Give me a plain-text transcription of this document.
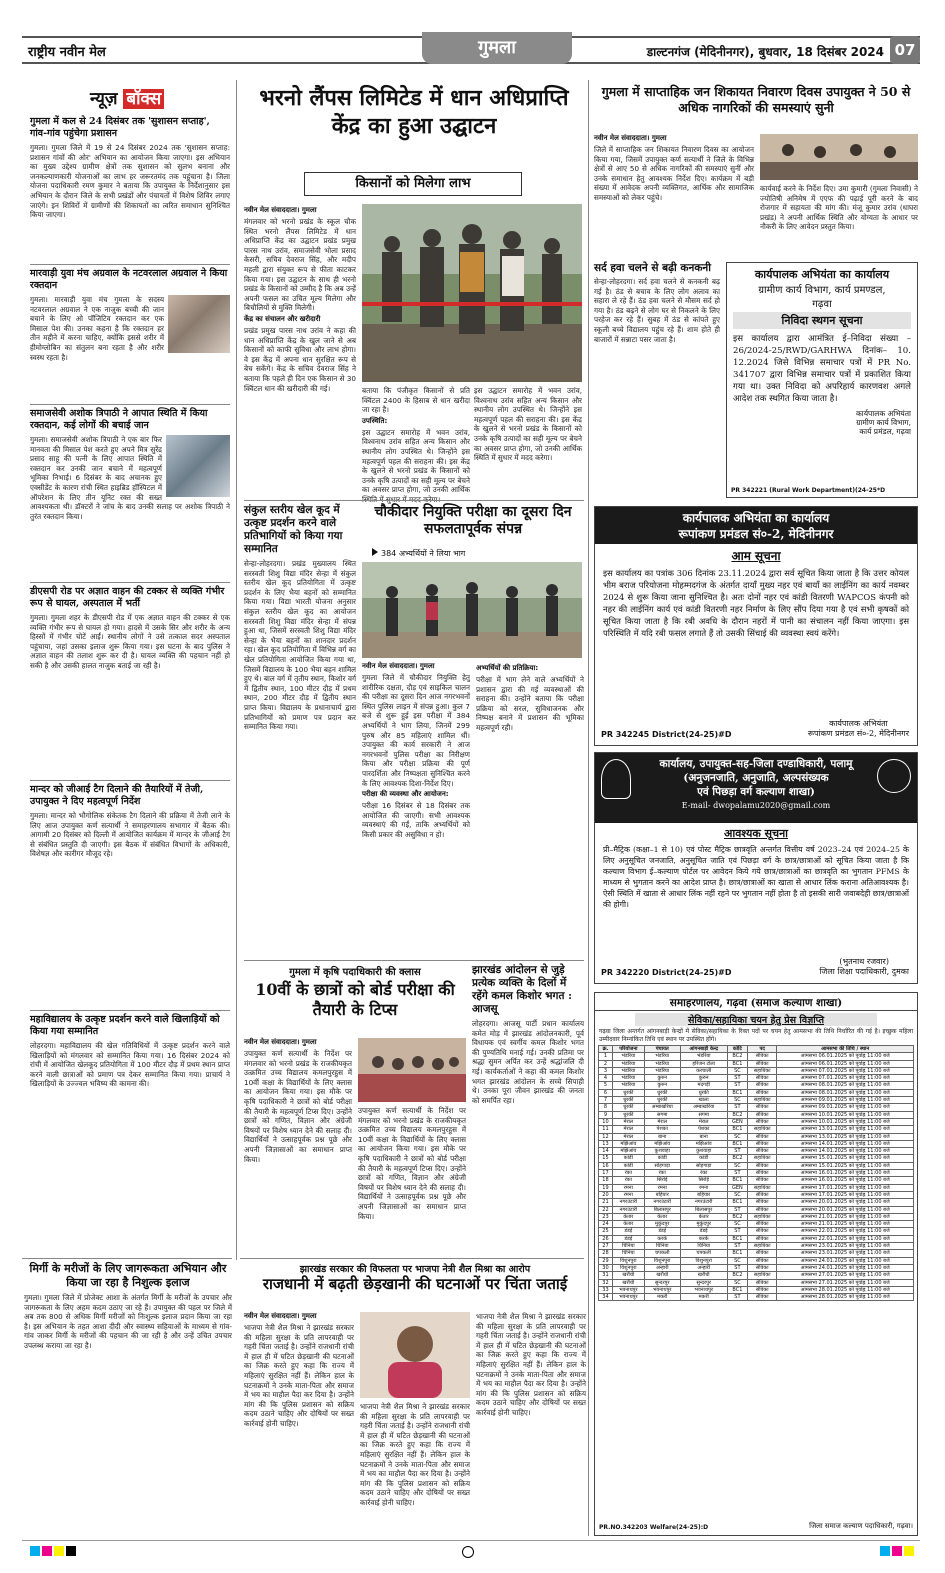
राष्ट्रीय नवीन मेल	गुमला	डाल्टनगंज (मेदिनीनगर), बुधवार, 18 दिसंबर 2024 07
न्यूज़ बॉक्स
गुमला में कल से 24 दिसंबर तक 'सुशासन सप्ताह', गांव-गांव पहुंचेगा प्रशासन
गुमला। गुमला जिले में 19 से 24 दिसंबर 2024 तक 'सुशासन सप्ताह: प्रशासन गांवों की ओर' अभियान का आयोजन किया जाएगा। इस अभियान का मुख्य उद्देश्य ग्रामीण क्षेत्रों तक सुशासन को सुलभ बनाना और जनकल्याणकारी योजनाओं का लाभ हर जरूरतमंद तक पहुंचाना है। जिला योजना पदाधिकारी रमण कुमार ने बताया कि उपायुक्त के निर्देशानुसार इस अभियान के दौरान जिले के सभी प्रखंडों और पंचायतों में विशेष शिविर लगाए जाएंगे। इन शिविरों में ग्रामीणों की शिकायतों का त्वरित समाधान सुनिश्चित किया जाएगा।
मारवाड़ी युवा मंच अग्रवाल के नटवरलाल अग्रवाल ने किया रक्तदान
गुमला। मारवाड़ी युवा मंच गुमला के सदस्य नटवरलाल अग्रवाल ने एक नाजुक बच्ची की जान बचाने के लिए ओ पॉजिटिव रक्तदान कर एक मिसाल पेश की। उनका कहना है कि रक्तदान हर तीन महीने में करना चाहिए, क्योंकि इससे शरीर में हीमोग्लोबिन का संतुलन बना रहता है और शरीर स्वस्थ रहता है।
समाजसेवी अशोक त्रिपाठी ने आपात स्थिति में किया रक्तदान, कई लोगों की बचाई जान
गुमला। समाजसेवी अशोक त्रिपाठी ने एक बार फिर मानवता की मिसाल पेश करते हुए अपने मित्र सुरेंद्र प्रसाद साहू की पत्नी के लिए आपात स्थिति में रक्तदान कर उनकी जान बचाने में महत्वपूर्ण भूमिका निभाई। 6 दिसंबर के बाद अचानक हुए एक्सीडेंट के कारण रांची स्थित हाइब्रिड हॉस्पिटल में ऑपरेशन के लिए तीन यूनिट रक्त की सख्त आवश्यकता थी। डॉक्टरों ने जांच के बाद उनकी सलाह पर अशोक त्रिपाठी ने तुरंत रक्तदान किया।
डीएसपी रोड पर अज्ञात वाहन की टक्कर से व्यक्ति गंभीर रूप से घायल, अस्पताल में भर्ती
गुमला। गुमला शहर के डीएसपी रोड में एक अज्ञात वाहन की टक्कर से एक व्यक्ति गंभीर रूप से घायल हो गया। हादसे में उसके सिर और शरीर के अन्य हिस्सों में गंभीर चोटें आईं। स्थानीय लोगों ने उसे तत्काल सदर अस्पताल पहुंचाया, जहां उसका इलाज शुरू किया गया। इस घटना के बाद पुलिस ने अज्ञात वाहन की तलाश शुरू कर दी है। घायल व्यक्ति की पहचान नहीं हो सकी है और उसकी हालत नाजुक बताई जा रही है।
मान्दर को जीआई टैग दिलाने की तैयारियों में तेजी, उपायुक्त ने दिए महत्वपूर्ण निर्देश
गुमला। मान्दर को भौगोलिक संकेतक टैग दिलाने की प्रक्रिया में तेजी लाने के लिए आज उपायुक्त कर्ण सत्यार्थी ने समाहरणालय सभागार में बैठक की। आगामी 20 दिसंबर को दिल्ली में आयोजित कार्यक्रम में मान्दर के जीआई टैग से संबंधित प्रस्तुति दी जाएगी। इस बैठक में संबंधित विभागों के अधिकारी, विशेषज्ञ और कारीगर मौजूद रहे।
महाविद्यालय के उत्कृष्ट प्रदर्शन करने वाले खिलाड़ियों को किया गया सम्मानित
लोहरदगा। महाविद्यालय की खेल गतिविधियों में उत्कृष्ट प्रदर्शन करने वाले खिलाड़ियों को मंगलवार को सम्मानित किया गया। 16 दिसंबर 2024 को रांची में आयोजित खेलकूद प्रतियोगिता में 100 मीटर दौड़ में प्रथम स्थान प्राप्त करने वाली छात्राओं को प्रमाण पत्र देकर सम्मानित किया गया। प्राचार्य ने खिलाड़ियों के उज्ज्वल भविष्य की कामना की।
मिर्गी के मरीजों के लिए जागरूकता अभियान और किया जा रहा है निशुल्क इलाज
गुमला। गुमला जिले में प्रोजेक्ट आशा के अंतर्गत मिर्गी के मरीजों के उपचार और जागरूकता के लिए अहम कदम उठाए जा रहे हैं। उपायुक्त की पहल पर जिले में अब तक 800 से अधिक मिर्गी मरीजों को निःशुल्क इलाज प्रदान किया जा रहा है। इस अभियान के तहत आशा दीदी और स्वास्थ्य सहियाओं के माध्यम से गांव-गांव जाकर मिर्गी के मरीजों की पहचान की जा रही है और उन्हें उचित उपचार उपलब्ध कराया जा रहा है।
भरनो लैंपस लिमिटेड में धान अधिप्राप्ति केंद्र का हुआ उद्घाटन
किसानों को मिलेगा लाभ
नवीन मेल संवाददाता। गुमला
मंगलवार को भरनो प्रखंड के स्कूल चौक स्थित भरनो लैंपस लिमिटेड में धान अधिप्राप्ति केंद्र का उद्घाटन प्रखंड प्रमुख पारस नाथ उरांव, समाजसेवी भोला प्रसाद केसरी, सचिव देवराज सिंह, और मदीप महली द्वारा संयुक्त रूप से फीता काटकर किया गया। इस उद्घाटन के साथ ही भरनो प्रखंड के किसानों को उम्मीद है कि अब उन्हें अपनी फसल का उचित मूल्य मिलेगा और बिचौलियों से मुक्ति मिलेगी।
केंद्र का संचालन और खरीदारी
प्रखंड प्रमुख पारस नाथ उरांव ने कहा की धान अधिप्राप्ति केंद्र के खुल जाने से अब किसानों को काफी सुविधा और लाभ होगा। वे इस केंद्र में अपना धान सुरक्षित रूप से बेच सकेंगे। केंद्र के सचिव देवराज सिंह ने बताया कि पहले ही दिन एक किसान से 30 क्विंटल धान की खरीदारी की गई।	बताया कि पंजीकृत किसानों से प्रति क्विंटल 2400 के हिसाब से धान खरीदा जा रहा है।
उपस्थिति:
इस उद्घाटन समारोह में भवन उरांव, विश्वनाथ उरांव सहित अन्य किसान और स्थानीय लोग उपस्थित थे। जिन्होंने इस महत्वपूर्ण पहल की सराहना की। इस केंद्र के खुलने से भरनो प्रखंड के किसानों को उनके कृषि उत्पादों का सही मूल्य पर बेचने का अवसर प्राप्त होगा, जो उनकी आर्थिक
इस उद्घाटन समारोह में भवन उरांव, विश्वनाथ उरांव सहित अन्य किसान और स्थानीय लोग उपस्थित थे। जिन्होंने इस महत्वपूर्ण पहल की सराहना की। इस केंद्र के खुलने से भरनो प्रखंड के किसानों को उनके कृषि उत्पादों का सही मूल्य पर बेचने का अवसर प्राप्त होगा, जो उनकी आर्थिक स्थिति में सुधार में मदद करेगा।
संकुल स्तरीय खेल कूद में उत्कृष्ट प्रदर्शन करने वाले प्रतिभागियों को किया गया सम्मानित
सेन्हा-लोहरदगा। प्रखंड मुख्यालय स्थित सरस्वती शिशु विद्या मंदिर सेन्हा में संकुल स्तरीय खेल कूद प्रतियोगिता में उत्कृष्ट प्रदर्शन के लिए भैया बहनों को सम्मानित किया गया। विद्या भारती योजना अनुसार संकुल स्तरीय खेल कूद का आयोजन सरस्वती शिशु विद्या मंदिर सेन्हा में संपन्न हुआ था, जिसमें सरस्वती शिशु विद्या मंदिर सेन्हा के भैया बहनों का शानदार प्रदर्शन रहा। खेल कूद प्रतियोगिता में विभिन्न वर्ग का खेल प्रतियोगिता आयोजित किया गया था, जिसमें विद्यालय के 100 भैया बहन शामिल हुए थे। बाल वर्ग में तृतीय स्थान, किशोर वर्ग में द्वितीय स्थान, 100 मीटर दौड़ में प्रथम स्थान, 200 मीटर दौड़ में द्वितीय स्थान प्राप्त किया। विद्यालय के प्रधानाचार्य द्वारा प्रतिभागियों को प्रमाण पत्र प्रदान कर सम्मानित किया गया।
चौकीदार नियुक्ति परीक्षा का दूसरा दिन सफलतापूर्वक संपन्न
384 अभ्यर्थियों ने लिया भाग
नवीन मेल संवाददाता। गुमला
गुमला जिले में चौकीदार नियुक्ति हेतु शारीरिक दक्षता, दौड़ एवं साइकिल चालन की परीक्षा का दूसरा दिन आज नगरभवनों स्थित पुलिस लाइन में संपन्न हुआ। कुल 7 बजे से शुरू हुई इस परीक्षा में 384 अभ्यर्थियों ने भाग लिया, जिनमें 299 पुरुष और 85 महिलाएं शामिल थीं। उपायुक्त की कार्य सरकारी ने आज नगरभवनों पुलिस परीक्षा का निरीक्षण किया और परीक्षा प्रक्रिया की पूर्ण पारदर्शिता और निष्पक्षता सुनिश्चित करने के लिए आवश्यक दिशा-निर्देश दिए।
परीक्षा की व्यवस्था और आयोजन:
परीक्षा 16 दिसंबर से 18 दिसंबर तक आयोजित की जाएगी। सभी आवश्यक व्यवस्थाएं की गईं, ताकि अभ्यर्थियों को किसी प्रकार की असुविधा न हो।
अभ्यर्थियों की प्रतिक्रिया:
परीक्षा में भाग लेने वाले अभ्यर्थियों ने प्रशासन द्वारा की गई व्यवस्थाओं की सराहना की। उन्होंने बताया कि परीक्षा प्रक्रिया को सरल, सुविधाजनक और निष्पक्ष बनाने में प्रशासन की भूमिका महत्वपूर्ण रही।
गुमला में कृषि पदाधिकारी की क्लास
10वीं के छात्रों को बोर्ड परीक्षा की तैयारी के टिप्स
नवीन मेल संवाददाता। गुमला
उपायुक्त कर्ण सत्यार्थी के निर्देश पर मंगलवार को भरनो प्रखंड के राजकीयकृत उत्क्रमित उच्च विद्यालय कमलपुरहुस में 10वीं कक्षा के विद्यार्थियों के लिए क्लास का आयोजन किया गया। इस मौके पर कृषि पदाधिकारी ने छात्रों को बोर्ड परीक्षा की तैयारी के महत्वपूर्ण टिप्स दिए। उन्होंने छात्रों को गणित, विज्ञान और अंग्रेजी विषयों पर विशेष ध्यान देने की सलाह दी। विद्यार्थियों ने उत्साहपूर्वक प्रश्न पूछे और अपनी जिज्ञासाओं का समाधान प्राप्त किया।
उपायुक्त कर्ण सत्यार्थी के निर्देश पर मंगलवार को भरनो प्रखंड के राजकीयकृत उत्क्रमित उच्च विद्यालय कमलपुरहुस में 10वीं कक्षा के विद्यार्थियों के लिए क्लास का आयोजन किया गया। इस मौके पर कृषि पदाधिकारी ने छात्रों को बोर्ड परीक्षा की तैयारी के महत्वपूर्ण टिप्स दिए। उन्होंने छात्रों को गणित, विज्ञान और अंग्रेजी विषयों पर विशेष ध्यान देने की सलाह दी। विद्यार्थियों ने उत्साहपूर्वक प्रश्न पूछे और अपनी जिज्ञासाओं का समाधान प्राप्त किया।
झारखंड आंदोलन से जुड़े प्रत्येक व्यक्ति के दिलों में रहेंगे कमल किशोर भगत : आजसू
लोहरदगा। आजसू पार्टी प्रधान कार्यालय कमेत मोड़ में झारखंड आंदोलनकारी, पूर्व विधायक एवं स्वर्गीय कमल किशोर भगत की पुण्यतिथि मनाई गई। उनकी प्रतिमा पर श्रद्धा सुमन अर्पित कर उन्हें श्रद्धांजलि दी गई। कार्यकर्ताओं ने कहा की कमल किशोर भगत झारखंड आंदोलन के सच्चे सिपाही थे। उनका पूरा जीवन झारखंड की जनता को समर्पित रहा।
झारखंड सरकार की विफलता पर भाजपा नेत्री शैल मिश्रा का आरोप
राजधानी में बढ़ती छेड़खानी की घटनाओं पर चिंता जताई
नवीन मेल संवाददाता। गुमला
भाजपा नेत्री शैल मिश्रा ने झारखंड सरकार की महिला सुरक्षा के प्रति लापरवाही पर गहरी चिंता जताई है। उन्होंने राजधानी रांची में हाल ही में घटित छेड़खानी की घटनाओं का जिक्र करते हुए कहा कि राज्य में महिलाएं सुरक्षित नहीं हैं। लेकिन हाल के घटनाक्रमों ने उनके माता-पिता और समाज में भय का माहौल पैदा कर दिया है। उन्होंने मांग की कि पुलिस प्रशासन को सक्रिय कदम उठाने चाहिए और दोषियों पर सख्त कार्रवाई होनी चाहिए।
भाजपा नेत्री शैल मिश्रा ने झारखंड सरकार की महिला सुरक्षा के प्रति लापरवाही पर गहरी चिंता जताई है। उन्होंने राजधानी रांची में हाल ही में घटित छेड़खानी की घटनाओं का जिक्र करते हुए कहा कि राज्य में महिलाएं सुरक्षित नहीं हैं। लेकिन हाल के घटनाक्रमों ने उनके माता-पिता और समाज में भय का माहौल पैदा कर दिया है। उन्होंने मांग की कि पुलिस प्रशासन को सक्रिय कदम उठाने चाहिए और दोषियों पर सख्त कार्रवाई होनी चाहिए।
भाजपा नेत्री शैल मिश्रा ने झारखंड सरकार की महिला सुरक्षा के प्रति लापरवाही पर गहरी चिंता जताई है। उन्होंने राजधानी रांची में हाल ही में घटित छेड़खानी की घटनाओं का जिक्र करते हुए कहा कि राज्य में महिलाएं सुरक्षित नहीं हैं। लेकिन हाल के घटनाक्रमों ने उनके माता-पिता और समाज में भय का माहौल पैदा कर दिया है। उन्होंने मांग की कि पुलिस प्रशासन को सक्रिय कदम उठाने चाहिए और दोषियों पर सख्त कार्रवाई होनी चाहिए।
गुमला में साप्ताहिक जन शिकायत निवारण दिवस उपायुक्त ने 50 से अधिक नागरिकों की समस्याएं सुनी
नवीन मेल संवाददाता। गुमला
जिले में साप्ताहिक जन शिकायत निवारण दिवस का आयोजन किया गया, जिसमें उपायुक्त कर्ण सत्यार्थी ने जिले के विभिन्न क्षेत्रों से आए 50 से अधिक नागरिकों की समस्याएं सुनीं और उनके समाधान हेतु आवश्यक निर्देश दिए। कार्यक्रम में बड़ी संख्या में आवेदक अपनी व्यक्तिगत, आर्थिक और सामाजिक समस्याओं को लेकर पहुंचे।
कार्यवाई करने के निर्देश दिए। उमा कुमारी (गुमला निवासी) ने ज्योतिषी अनिमेष में एएफ की पढ़ाई पूरी करने के बाद रोजगार में सहायता की मांग की। मंजू कुमार उरांव (धाघरा प्रखंड) ने अपनी आर्थिक स्थिति और योग्यता के आधार पर नौकरी के लिए आवेदन प्रस्तुत किया।
सर्द हवा चलने से बढ़ी कनकनी
सेन्हा-लोहरदगा। सर्द हवा चलने से कनकनी बढ़ गई है। ठंड से बचाव के लिए लोग अलाव का सहारा ले रहे हैं। ठंड हवा चलने से मौसम सर्द हो गया है। ठंड बढ़ने से लोग घर से निकलने के लिए परहेज कर रहे हैं। सुबह में ठंड से कांपते हुए स्कूली बच्चे विद्यालय पहुंच रहे हैं। शाम होते ही बाजारों में सन्नाटा पसर जाता है।
कार्यपालक अभियंता का कार्यालय
ग्रामीण कार्य विभाग, कार्य प्रमण्डल,
गढ़वा
निविदा स्थगन सूचना
इस कार्यालय द्वारा आमंत्रित ई–निविदा संख्या – 26/2024-25/RWD/GARHWA दिनांक– 10. 12.2024 जिसे विभिन्न समाचार पत्रों में PR No. 341707 द्वारा विभिन्न समाचार पत्रों में प्रकाशित किया गया था। उक्त निविदा को अपरिहार्य कारणवश अगले आदेश तक स्थगित किया जाता है।
कार्यपालक अभियंता
ग्रामीण कार्य विभाग,
कार्य प्रमंडल, गढ़वा
PR 342221 (Rural Work Department)(24-25*D
कार्यपालक अभियंता का कार्यालय
रूपांकण प्रमंडल सं०-2, मेदिनीनगर
आम सूचना
इस कार्यालय का पत्रांक 306 दिनांक 23.11.2024 द्वारा सर्व सूचित किया जाता है कि उत्तर कोयल भीम बराज परियोजना मोहम्मदगंज के अंतर्गत दायाँ मुख्य नहर एवं बायाँ का लाईनिंग का कार्य नवम्बर 2024 से शुरू किया जाना सुनिश्चित है। अतः दोनों नहर एवं कांडी वितरणी WAPCOS कंपनी को नहर की लाईनिंग कार्य एवं कांडी वितरणी नहर निर्माण के लिए सौंप दिया गया है एवं सभी कृषकों को सूचित किया जाता है कि रबी अवधि के दौरान नहरों में पानी का संचालन नहीं किया जाएगा। इस परिस्थिति में यदि रबी फसल लगाते हैं तो उसकी सिंचाई की व्यवस्था स्वयं करेंगे।
कार्यपालक अभियंता
रूपांकण प्रमंडल सं०-2, मेदिनीनगर
PR 342245 District(24-25)#D
कार्यालय, उपायुक्त-सह-जिला दण्डाधिकारी, पलामू
(अनुजनजाति, अनुजाति, अल्पसंख्यक
एवं पिछड़ा वर्ग कल्याण शाखा)
E-mail- dwopalamu2020@gmail.com
आवश्यक सूचना
प्री–मैट्रिक (कक्षा–1 से 10) एवं पोस्ट मैट्रिक छात्रवृति अन्तर्गत वित्तीय वर्ष 2023–24 एवं 2024–25 के लिए अनुसूचित जनजाति, अनुसूचित जाति एवं पिछड़ा वर्ग के छात्र/छात्राओं को सूचित किया जाता है कि कल्याण विभाग ई–कल्याण पोर्टल पर आवेदन किये गये छात्र/छात्राओं का छात्रवृति का भुगतान PFMS के माध्यम से भुगतान करने का आदेश प्राप्त है। छात्र/छात्राओं का खाता से आधार लिंक कराना अतिआवश्यक है। ऐसी स्थिति में खाता से आधार लिंक नहीं रहने पर भुगतान नहीं होता है तो इसकी सारी जवाबदेही छात्र/छात्राओं की होगी।
(भुतनाथ रजवार)
जिला शिक्षा पदाधिकारी, दुमका
PR 342220 District(24-25)#D
समाहरणालय, गढ़वा (समाज कल्याण शाखा)
सेविका/सहायिका चयन हेतु प्रेस विज्ञप्ति
गढ़वा जिला अन्तर्गत आंगनबाड़ी केन्द्रों में सेविका/सहायिका के रिक्त पदों पर चयन हेतु आमसभा की तिथि निर्धारित की गई है। इच्छुक महिला उम्मीदवार निम्नांकित तिथि एवं स्थान पर उपस्थित होंगे।
क्र.	परियोजना	पंचायत	आंगनबाड़ी केन्द्र	कोटि	पद	आमसभा की तिथि / स्थान
1	भंडरिया	भंडरिया	भंडरिया	BC2	सेविका	आमसभा 06.01.2025 को पूर्वाह्न 11:00 बजे
2	भंडरिया	भंडरिया	हरिजन टोला	BC1	सेविका	आमसभा 06.01.2025 को पूर्वाह्न 11:00 बजे
3	भंडरिया	भंडरिया	करचाली	SC	सहायिका	आमसभा 07.01.2025 को पूर्वाह्न 11:00 बजे
4	भंडरिया	कुरुन	कुरुन	ST	सेविका	आमसभा 07.01.2025 को पूर्वाह्न 11:00 बजे
5	भंडरिया	कुरुन	मदगड़ी	ST	सेविका	आमसभा 08.01.2025 को पूर्वाह्न 11:00 बजे
6	धुरकी	धुरकी	धुरकी	BC1	सेविका	आमसभा 08.01.2025 को पूर्वाह्न 11:00 बजे
7	धुरकी	धुरकी	खाला	SC	सहायिका	आमसभा 09.01.2025 को पूर्वाह्न 11:00 बजे
8	धुरकी	अम्बाखोरेया	अम्बाखोरेया	ST	सेविका	आमसभा 09.01.2025 को पूर्वाह्न 11:00 बजे
9	धुरकी	सगमा	सगमा	BC2	सेविका	आमसभा 10.01.2025 को पूर्वाह्न 11:00 बजे
10	मेराल	मेराल	मेराल	GEN	सेविका	आमसभा 10.01.2025 को पूर्वाह्न 11:00 बजे
11	मेराल	पेशका	पेशका	BC1	सहायिका	आमसभा 13.01.2025 को पूर्वाह्न 11:00 बजे
12	मेराल	बाना	बाना	SC	सेविका	आमसभा 13.01.2025 को पूर्वाह्न 11:00 बजे
13	मझिआंव	मझिआंव	मझिआंव	BC1	सेविका	आमसभा 14.01.2025 को पूर्वाह्न 11:00 बजे
14	मझिआंव	कुशवाहा	कुशवाहा	ST	सेविका	आमसभा 14.01.2025 को पूर्वाह्न 11:00 बजे
15	कांडी	कांडी	कांडी	BC2	सहायिका	आमसभा 15.01.2025 को पूर्वाह्न 11:00 बजे
16	कांडी	सोहगाड़ा	सोहगाड़ा	SC	सेविका	आमसभा 15.01.2025 को पूर्वाह्न 11:00 बजे
17	रंका	रंका	रंका	ST	सेविका	आमसभा 16.01.2025 को पूर्वाह्न 11:00 बजे
18	रंका	सिरोई	सिरोई	BC1	सेविका	आमसभा 16.01.2025 को पूर्वाह्न 11:00 बजे
19	रमना	रमना	रमना	GEN	सहायिका	आमसभा 17.01.2025 को पूर्वाह्न 11:00 बजे
20	रमना	बहियार	बहियार	SC	सेविका	आमसभा 17.01.2025 को पूर्वाह्न 11:00 बजे
21	नगरउंटारी	नगरउंटारी	नगरउंटारी	BC1	सेविका	आमसभा 20.01.2025 को पूर्वाह्न 11:00 बजे
22	नगरउंटारी	बिलासपुर	बिलासपुर	ST	सेविका	आमसभा 20.01.2025 को पूर्वाह्न 11:00 बजे
23	केतार	केतार	केतार	BC2	सहायिका	आमसभा 21.01.2025 को पूर्वाह्न 11:00 बजे
24	केतार	मुकुंदपुर	मुकुंदपुर	SC	सेविका	आमसभा 21.01.2025 को पूर्वाह्न 11:00 बजे
25	डंडई	डंडई	डंडई	ST	सेविका	आमसभा 22.01.2025 को पूर्वाह्न 11:00 बजे
26	डंडई	करके	करके	BC1	सेविका	आमसभा 22.01.2025 को पूर्वाह्न 11:00 बजे
27	चिनिया	चिनिया	चिनिया	ST	सहायिका	आमसभा 23.01.2025 को पूर्वाह्न 11:00 बजे
28	चिनिया	चपकली	चपकली	BC1	सेविका	आमसभा 23.01.2025 को पूर्वाह्न 11:00 बजे
29	विशुनपुरा	विशुनपुरा	विशुनपुरा	SC	सेविका	आमसभा 24.01.2025 को पूर्वाह्न 11:00 बजे
30	विशुनपुरा	अन्हारी	अन्हारी	ST	सेविका	आमसभा 24.01.2025 को पूर्वाह्न 11:00 बजे
31	खरौंधी	खरौंधी	खरौंधी	BC2	सहायिका	आमसभा 27.01.2025 को पूर्वाह्न 11:00 बजे
32	खरौंधी	सुन्दरपुर	सुन्दरपुर	SC	सेविका	आमसभा 27.01.2025 को पूर्वाह्न 11:00 बजे
33	भवनाथपुर	भवनाथपुर	भवनाथपुर	BC1	सेविका	आमसभा 28.01.2025 को पूर्वाह्न 11:00 बजे
34	भवनाथपुर	मकरी	मकरी	ST	सेविका	आमसभा 28.01.2025 को पूर्वाह्न 11:00 बजे
PR.NO.342203 Welfare(24-25):D	जिला समाज कल्याण पदाधिकारी, गढ़वा।
